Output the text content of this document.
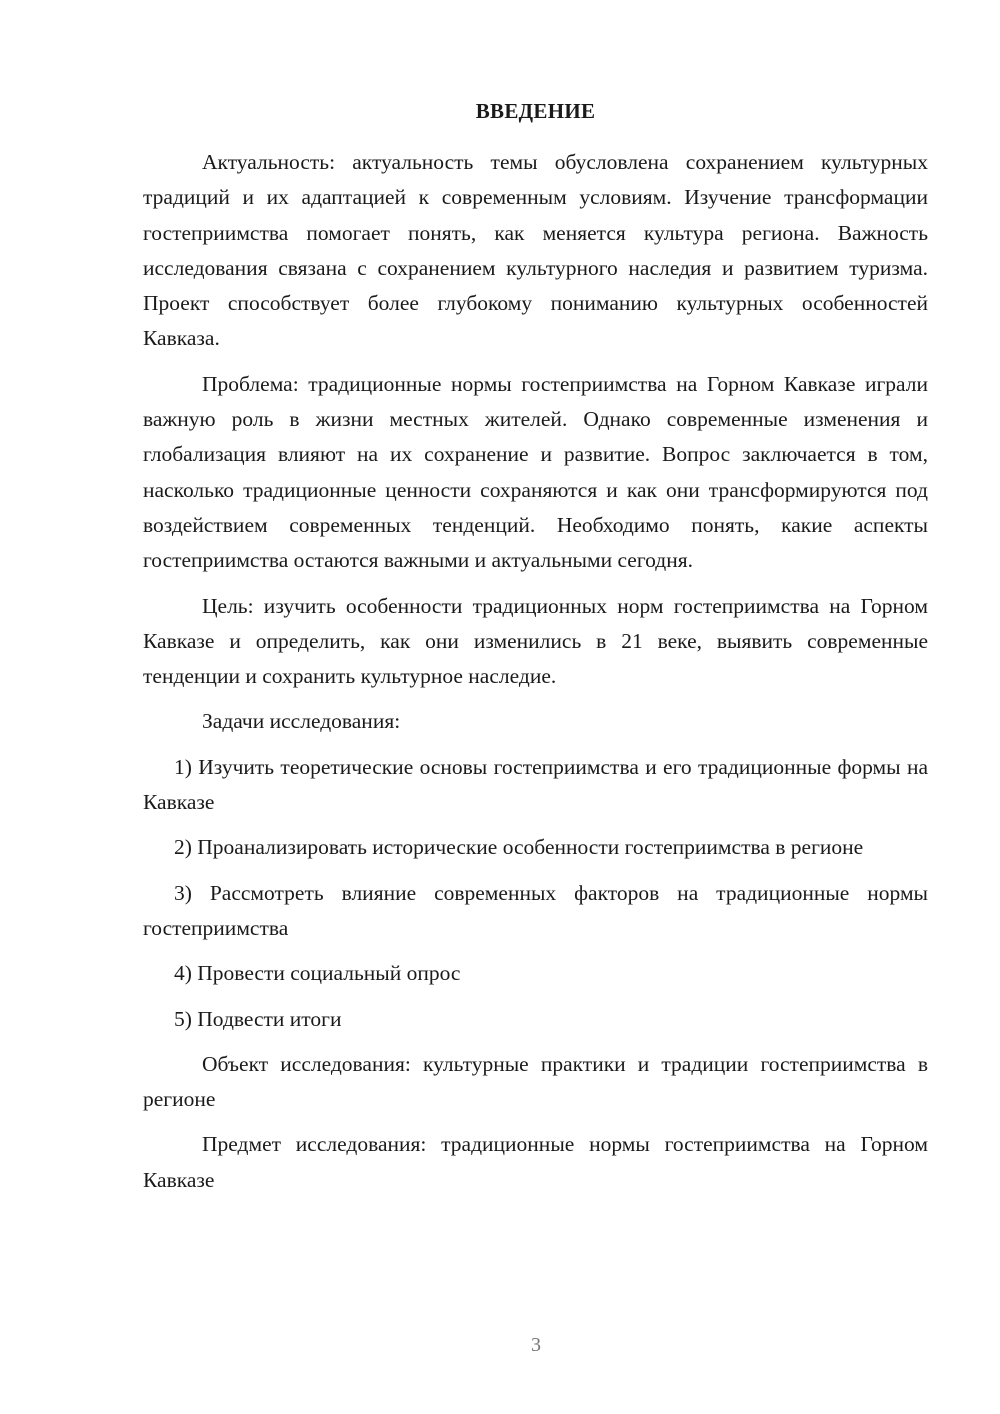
ВВЕДЕНИЕ

Актуальность: актуальность темы обусловлена сохранением культурных традиций и их адаптацией к современным условиям. Изучение трансформации гостеприимства помогает понять, как меняется культура региона. Важность исследования связана с сохранением культурного наследия и развитием туризма. Проект способствует более глубокому пониманию культурных особенностей Кавказа.

Проблема: традиционные нормы гостеприимства на Горном Кавказе играли важную роль в жизни местных жителей. Однако современные изменения и глобализация влияют на их сохранение и развитие. Вопрос заключается в том, насколько традиционные ценности сохраняются и как они трансформируются под воздействием современных тенденций. Необходимо понять, какие аспекты гостеприимства остаются важными и актуальными сегодня.

Цель: изучить особенности традиционных норм гостеприимства на Горном Кавказе и определить, как они изменились в 21 веке, выявить современные тенденции и сохранить культурное наследие.

Задачи исследования:

1) Изучить теоретические основы гостеприимства и его традиционные формы на Кавказе

2) Проанализировать исторические особенности гостеприимства в регионе

3) Рассмотреть влияние современных факторов на традиционные нормы гостеприимства

4) Провести социальный опрос

5) Подвести итоги

Объект исследования: культурные практики и традиции гостеприимства в регионе

Предмет исследования: традиционные нормы гостеприимства на Горном Кавказе

3
